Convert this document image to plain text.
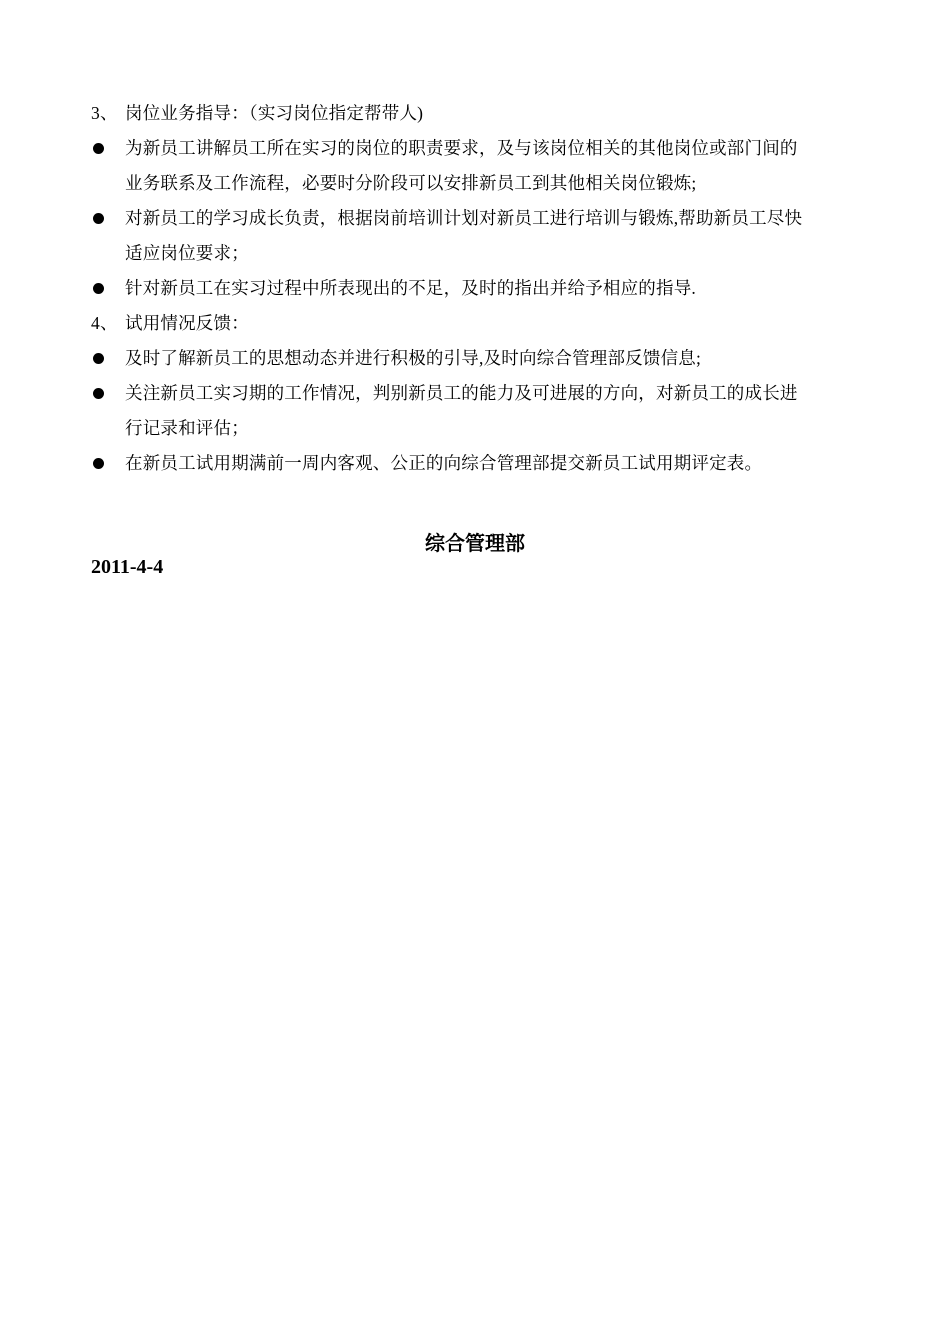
3、 岗位业务指导：（实习岗位指定帮带人)
为新员工讲解员工所在实习的岗位的职责要求，及与该岗位相关的其他岗位或部门间的
业务联系及工作流程，必要时分阶段可以安排新员工到其他相关岗位锻炼;
对新员工的学习成长负责，根据岗前培训计划对新员工进行培训与锻炼,帮助新员工尽快
适应岗位要求；
针对新员工在实习过程中所表现出的不足，及时的指出并给予相应的指导.
4、 试用情况反馈：
及时了解新员工的思想动态并进行积极的引导,及时向综合管理部反馈信息;
关注新员工实习期的工作情况，判别新员工的能力及可进展的方向，对新员工的成长进
行记录和评估；
在新员工试用期满前一周内客观、公正的向综合管理部提交新员工试用期评定表。
综合管理部
2011-4-4
